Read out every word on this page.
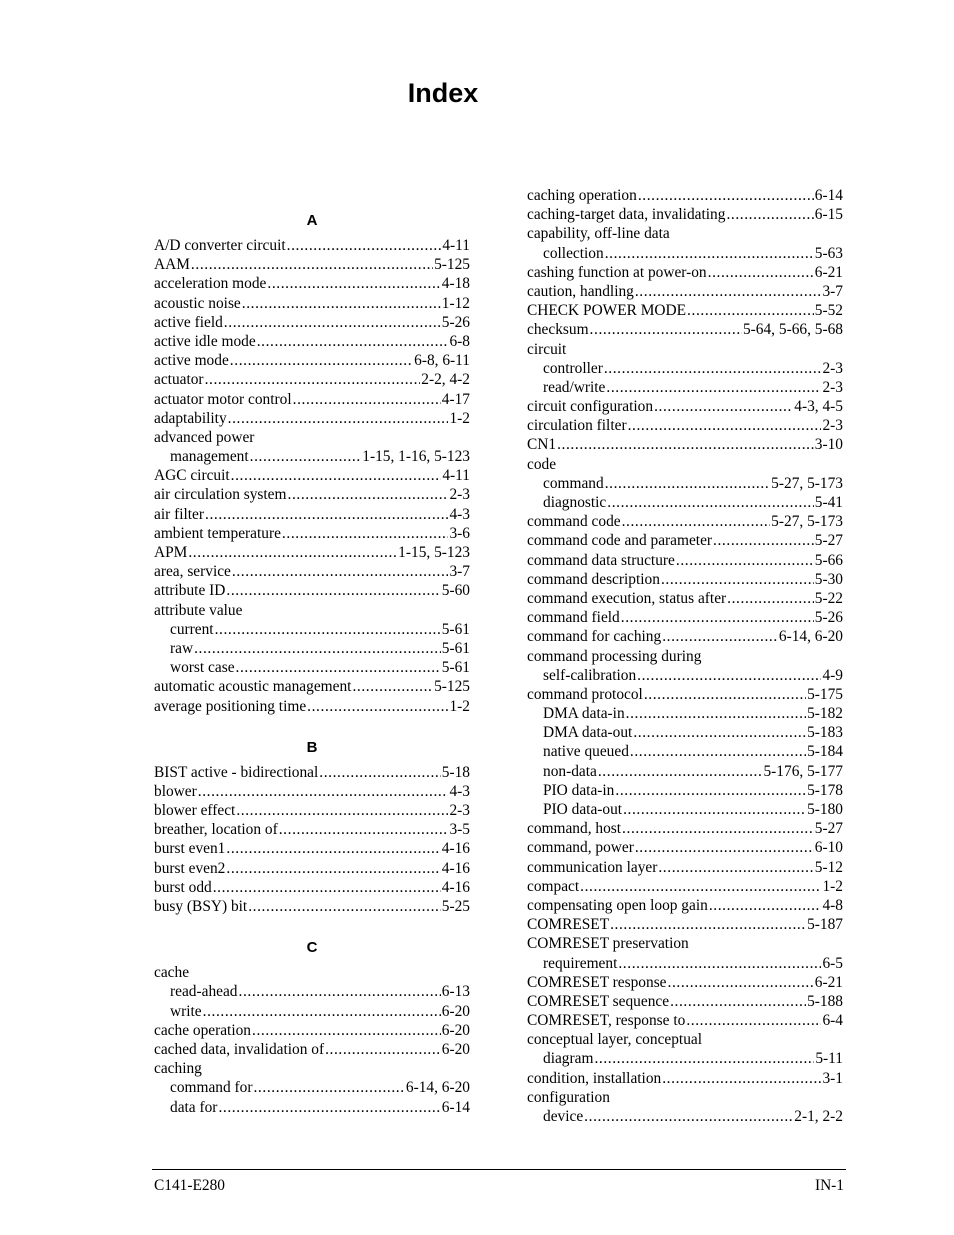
Index
A
A/D converter circuit .....	4-11
AAM .....	5-125
acceleration mode .....	4-18
acoustic noise .....	1-12
active field .....	5-26
active idle mode .....	6-8
active mode .....	6-8, 6-11
actuator .....	2-2, 4-2
actuator motor control .....	4-17
adaptability .....	1-2
advanced power
management .....	1-15, 1-16, 5-123
AGC circuit .....	4-11
air circulation system .....	2-3
air filter .....	4-3
ambient temperature .....	3-6
APM .....	1-15, 5-123
area, service .....	3-7
attribute ID .....	5-60
attribute value
current .....	5-61
raw .....	5-61
worst case .....	5-61
automatic acoustic management .....	5-125
average positioning time .....	1-2
B
BIST active - bidirectional .....	5-18
blower .....	4-3
blower effect .....	2-3
breather, location of .....	3-5
burst even1 .....	4-16
burst even2 .....	4-16
burst odd .....	4-16
busy (BSY) bit .....	5-25
C
cache
read-ahead .....	6-13
write .....	6-20
cache operation .....	6-20
cached data, invalidation of .....	6-20
caching
command for .....	6-14, 6-20
data for .....	6-14
caching operation .....	6-14
caching-target data, invalidating .....	6-15
capability, off-line data
collection .....	5-63
cashing function at power-on .....	6-21
caution, handling .....	3-7
CHECK POWER MODE .....	5-52
checksum .....	5-64, 5-66, 5-68
circuit
controller .....	2-3
read/write .....	2-3
circuit configuration .....	4-3, 4-5
circulation filter .....	2-3
CN1 .....	3-10
code
command .....	5-27, 5-173
diagnostic .....	5-41
command code .....	5-27, 5-173
command code and parameter .....	5-27
command data structure .....	5-66
command description .....	5-30
command execution, status after .....	5-22
command field .....	5-26
command for caching .....	6-14, 6-20
command processing during
self-calibration .....	4-9
command protocol .....	5-175
DMA data-in .....	5-182
DMA data-out .....	5-183
native queued .....	5-184
non-data .....	5-176, 5-177
PIO data-in .....	5-178
PIO data-out .....	5-180
command, host .....	5-27
command, power .....	6-10
communication layer .....	5-12
compact .....	1-2
compensating open loop gain .....	4-8
COMRESET .....	5-187
COMRESET preservation
requirement .....	6-5
COMRESET response .....	6-21
COMRESET sequence .....	5-188
COMRESET, response to .....	6-4
conceptual layer, conceptual
diagram .....	5-11
condition, installation .....	3-1
configuration
device .....	2-1, 2-2
C141-E280	IN-1
